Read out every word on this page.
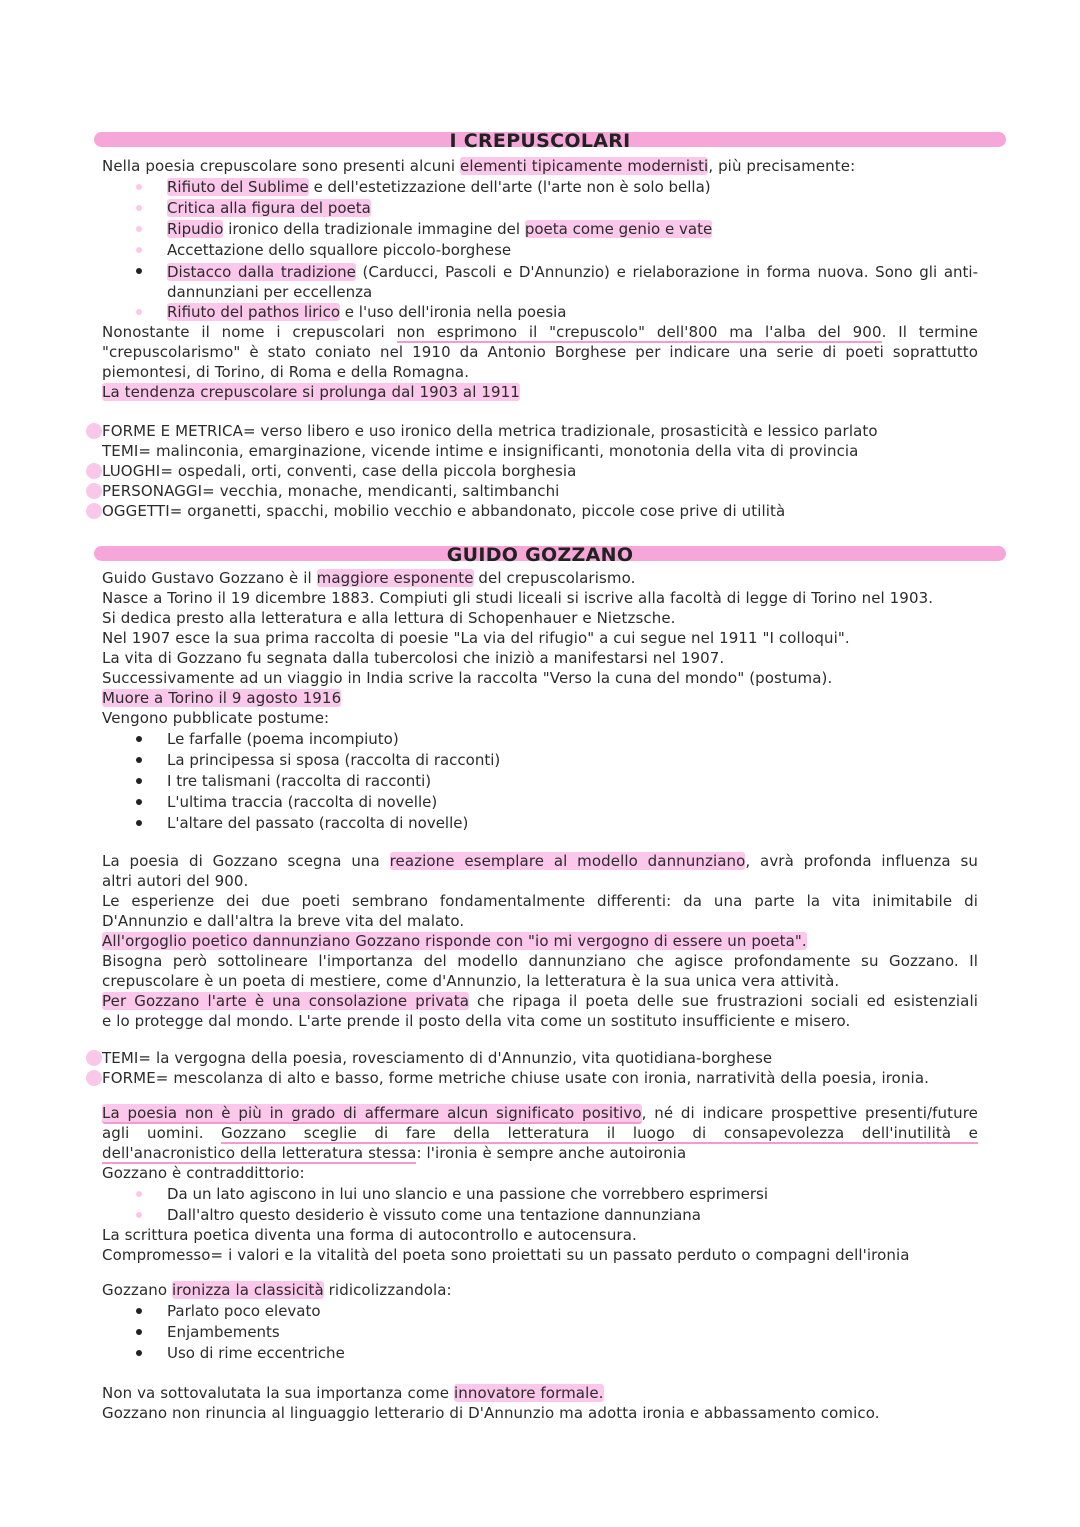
I CREPUSCOLARI
Nella poesia crepuscolare sono presenti alcuni elementi tipicamente modernisti, più precisamente:
Rifiuto del Sublime e dell'estetizzazione dell'arte (l'arte non è solo bella)
Critica alla figura del poeta
Ripudio ironico della tradizionale immagine del poeta come genio e vate
Accettazione dello squallore piccolo-borghese
Distacco dalla tradizione (Carducci, Pascoli e D'Annunzio) e rielaborazione in forma nuova. Sono gli anti-dannunziani per eccellenza
Rifiuto del pathos lirico e l'uso dell'ironia nella poesia
Nonostante il nome i crepuscolari non esprimono il "crepuscolo" dell'800 ma l'alba del 900. Il termine
"crepuscolarismo" è stato coniato nel 1910 da Antonio Borghese per indicare una serie di poeti soprattutto
piemontesi, di Torino, di Roma e della Romagna.
La tendenza crepuscolare si prolunga dal 1903 al 1911
FORME E METRICA= verso libero e uso ironico della metrica tradizionale, prosasticità e lessico parlato
TEMI= malinconia, emarginazione, vicende intime e insignificanti, monotonia della vita di provincia
LUOGHI= ospedali, orti, conventi, case della piccola borghesia
PERSONAGGI= vecchia, monache, mendicanti, saltimbanchi
OGGETTI= organetti, spacchi, mobilio vecchio e abbandonato, piccole cose prive di utilità
GUIDO GOZZANO
Guido Gustavo Gozzano è il maggiore esponente del crepuscolarismo.
Nasce a Torino il 19 dicembre 1883. Compiuti gli studi liceali si iscrive alla facoltà di legge di Torino nel 1903.
Si dedica presto alla letteratura e alla lettura di Schopenhauer e Nietzsche.
Nel 1907 esce la sua prima raccolta di poesie "La via del rifugio" a cui segue nel 1911 "I colloqui".
La vita di Gozzano fu segnata dalla tubercolosi che iniziò a manifestarsi nel 1907.
Successivamente ad un viaggio in India scrive la raccolta "Verso la cuna del mondo" (postuma).
Muore a Torino il 9 agosto 1916
Vengono pubblicate postume:
Le farfalle (poema incompiuto)
La principessa si sposa (raccolta di racconti)
I tre talismani (raccolta di racconti)
L'ultima traccia (raccolta di novelle)
L'altare del passato (raccolta di novelle)
La poesia di Gozzano scegna una reazione esemplare al modello dannunziano, avrà profonda influenza su
altri autori del 900.
Le esperienze dei due poeti sembrano fondamentalmente differenti: da una parte la vita inimitabile di
D'Annunzio e dall'altra la breve vita del malato.
All'orgoglio poetico dannunziano Gozzano risponde con "io mi vergogno di essere un poeta".
Bisogna però sottolineare l'importanza del modello dannunziano che agisce profondamente su Gozzano. Il
crepuscolare è un poeta di mestiere, come d'Annunzio, la letteratura è la sua unica vera attività.
Per Gozzano l'arte è una consolazione privata che ripaga il poeta delle sue frustrazioni sociali ed esistenziali
e lo protegge dal mondo. L'arte prende il posto della vita come un sostituto insufficiente e misero.
TEMI= la vergogna della poesia, rovesciamento di d'Annunzio, vita quotidiana-borghese
FORME= mescolanza di alto e basso, forme metriche chiuse usate con ironia, narratività della poesia, ironia.
La poesia non è più in grado di affermare alcun significato positivo, né di indicare prospettive presenti/future
agli uomini. Gozzano sceglie di fare della letteratura il luogo di consapevolezza dell'inutilità e
dell'anacronistico della letteratura stessa: l'ironia è sempre anche autoironia
Gozzano è contraddittorio:
Da un lato agiscono in lui uno slancio e una passione che vorrebbero esprimersi
Dall'altro questo desiderio è vissuto come una tentazione dannunziana
La scrittura poetica diventa una forma di autocontrollo e autocensura.
Compromesso= i valori e la vitalità del poeta sono proiettati su un passato perduto o compagni dell'ironia
Gozzano ironizza la classicità ridicolizzandola:
Parlato poco elevato
Enjambements
Uso di rime eccentriche
Non va sottovalutata la sua importanza come innovatore formale.
Gozzano non rinuncia al linguaggio letterario di D'Annunzio ma adotta ironia e abbassamento comico.
